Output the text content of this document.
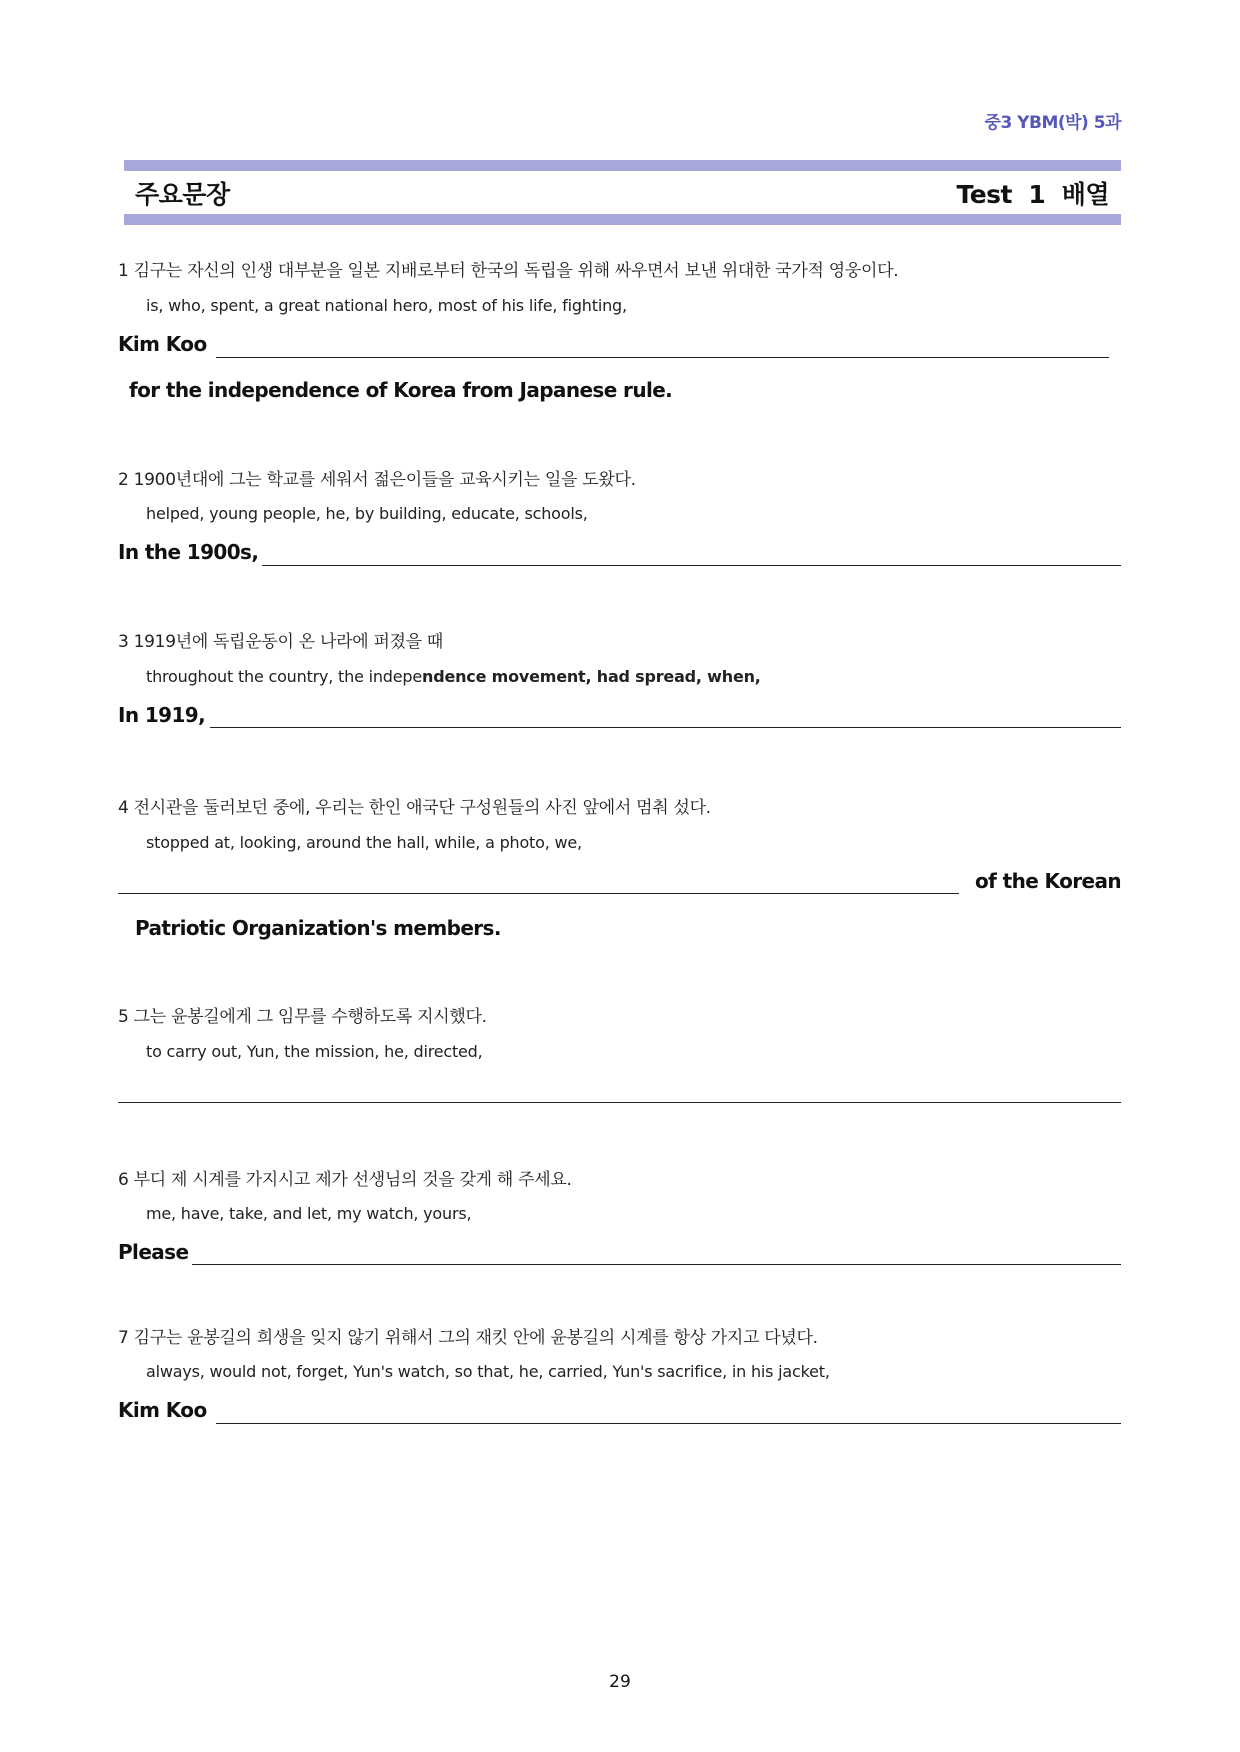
중3 YBM(박) 5과
주요문장	Test  1  배열
1 김구는 자신의 인생 대부분을 일본 지배로부터 한국의 독립을 위해 싸우면서 보낸 위대한 국가적 영웅이다.
is, who, spent, a great national hero, most of his life, fighting,
Kim Koo
for the independence of Korea from Japanese rule.
2 1900년대에 그는 학교를 세워서 젊은이들을 교육시키는 일을 도왔다.
helped, young people, he, by building, educate, schools,
In the 1900s,
3 1919년에 독립운동이 온 나라에 퍼졌을 때
throughout the country, the independence movement, had spread, when,
In 1919,
4 전시관을 둘러보던 중에, 우리는 한인 애국단 구성원들의 사진 앞에서 멈춰 섰다.
stopped at, looking, around the hall, while, a photo, we,
of the Korean
Patriotic Organization's members.
5 그는 윤봉길에게 그 임무를 수행하도록 지시했다.
to carry out, Yun, the mission, he, directed,
6 부디 제 시계를 가지시고 제가 선생님의 것을 갖게 해 주세요.
me, have, take, and let, my watch, yours,
Please
7 김구는 윤봉길의 희생을 잊지 않기 위해서 그의 재킷 안에 윤봉길의 시계를 항상 가지고 다녔다.
always, would not, forget, Yun's watch, so that, he, carried, Yun's sacrifice, in his jacket,
Kim Koo
29
